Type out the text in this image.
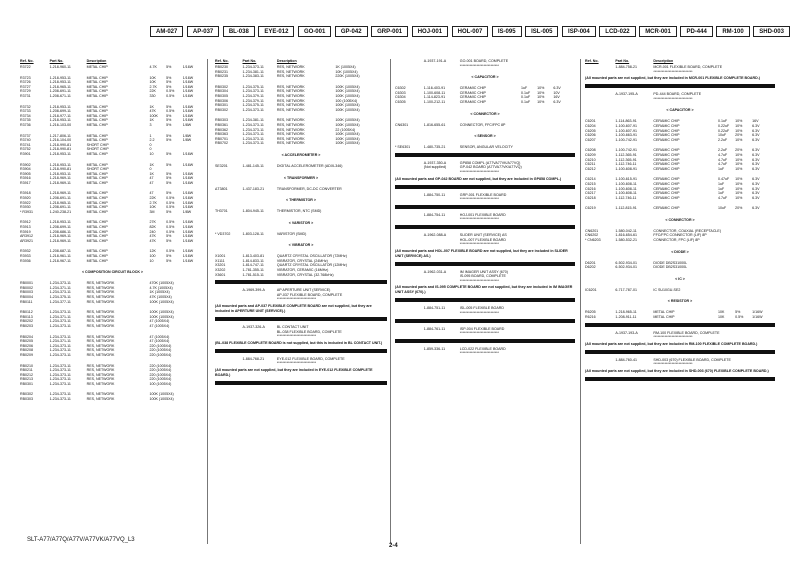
AM-027	AP-037	BL-038	EYE-012	GO-001	GP-042	GRP-001	HOJ-001	HOL-007	IS-095	ISL-005	ISP-004	LCD-022	MCR-001	PD-444	RM-100	SHD-003
Ref. No.	Part No.	Description
R3722	1-218-960-11	METAL CHIP	4.7K	5%	1/16W
R3723	1-218-953-11	METAL CHIP	10K	5%	1/16W
R3726	1-218-953-11	METAL CHIP	10K	5%	1/16W
R3727	1-218-965-11	METAL CHIP	2.7K	5%	1/16W
R3729	1-208-691-11	METAL CHIP	22K	0.5%	1/16W
R3731	1-208-671-11	METAL CHIP	330	0.5%	1/16W
R3732	1-218-953-11	METAL CHIP	1K	5%	1/16W
R3733	1-208-699-11	METAL CHIP	47K	0.5%	1/16W
R3734	1-218-977-11	METAL CHIP	100K	5%	1/16W
R3735	1-218-953-11	METAL CHIP	1K	5%	1/16W
R3736	1-216-103-00	METAL CHIP	3	5%	1/8W
R3737	1-217-806-11	METAL CHIP	1	5%	1/8W
R3740	1-216-104-00	METAL CHIP	2.2	5%	1/8W
R3741	1-218-990-81	SHORT CHIP	0
R3752	1-218-990-81	SHORT CHIP	0
R3901	1-218-953-11	METAL CHIP	10	5%	1/16W
R3902	1-218-953-11	METAL CHIP	1K	5%	1/16W
R3904	1-218-990-81	SHORT CHIP	0
R3905	1-218-953-11	METAL CHIP	1K	5%	1/16W
R3916	1-218-969-11	METAL CHIP	47	5%	1/16W
R3917	1-218-969-11	METAL CHIP	47	5%	1/16W
R3918	1-218-969-11	METAL CHIP	47	5%	1/16W
R3920	1-208-691-11	METAL CHIP	22K	0.5%	1/16W
R3922	1-218-965-11	METAL CHIP	2.7K	0.5%	1/16W
R3930	1-208-691-11	METAL CHIP	10K	0.5%	1/16W
* R3931	1-240-238-21	METAL CHIP	3M	5%	1/8W
R3912	1-218-953-11	METAL CHIP	27K	0.5%	1/16W
R3913	1-208-699-11	METAL CHIP	82K	0.5%	1/16W
R3919	1-208-686-11	METAL CHIP	240	0.5%	1/16W
AR3912	1-218-969-11	METAL CHIP	47K	5%	1/16W
AR3921	1-218-969-11	METAL CHIP	47K	5%	1/16W
R3932	1-208-687-11	METAL CHIP	12K	0.5%	1/16W
R3933	1-218-961-11	METAL CHIP	100	5%	1/16W
R3936	1-218-967-11	METAL CHIP	10	5%	1/16W
< COMPOSITION CIRCUIT BLOCK >
RB0001	1-234-373-11	RES, NETWORK	470K (1005X4)
RB0002	1-234-371-11	RES, NETWORK	4.7K (1005X4)
RB0003	1-234-373-11	RES, NETWORK	1K (1005X4)
RB0004	1-234-375-11	RES, NETWORK	47K (1005X4)
RB0111	1-234-377-11	RES, NETWORK	100K (1005X4)
RB0112	1-234-373-11	RES, NETWORK	100K (1005X4)
RB0113	1-234-371-11	RES, NETWORK	100K (1005X4)
RB0202	1-234-373-11	RES, NETWORK	47 (1005X4)
RB0203	1-234-373-11	RES, NETWORK	47 (1005X4)
RB0204	1-234-373-11	RES, NETWORK	47 (1005X4)
RB0205	1-234-371-11	RES, NETWORK	47 (1005X4)
RB0206	1-234-373-11	RES, NETWORK	220 (1005X4)
RB0208	1-234-373-11	RES, NETWORK	220 (1005X4)
RB0209	1-234-373-11	RES, NETWORK	220 (1005X4)
RB0210	1-234-373-11	RES, NETWORK	220 (1005X4)
RB0211	1-234-373-11	RES, NETWORK	220 (1005X4)
RB0212	1-234-373-11	RES, NETWORK	220 (1005X4)
RB0213	1-234-373-11	RES, NETWORK	220 (1005X4)
RB0301	1-234-373-11	RES, NETWORK	100 (1005X4)
RB0302	1-234-373-11	RES, NETWORK	100K (1005X4)
RB0303	1-234-373-11	RES, NETWORK	100K (1005X4)
Ref. No.	Part No.	Description
RB0230	1-234-373-11	RES, NETWORK	1K (1005X4)
RB0231	1-234-381-11	RES, NETWORK	10K (1005X4)
RB0235	1-234-383-11	RES, NETWORK	220K (1005X4)
RB0302	1-234-375-11	RES, NETWORK	100K (1005X4)
RB0304	1-234-373-11	RES, NETWORK	100K (1005X4)
RB0305	1-234-379-11	RES, NETWORK	100K (1005X4)
RB0306	1-234-379-11	RES, NETWORK	100 (1005X4)
RB0301	1-234-375-11	RES, NETWORK	100K (1005X4)
RB0302	1-234-373-11	RES, NETWORK	100K (1005X4)
RB0303	1-234-381-11	RES, NETWORK	100K (1005X4)
RB0361	1-234-373-11	RES, NETWORK	100K (1005X4)
RB0362	1-234-373-11	RES, NETWORK	22 (1005X4)
RB0363	1-234-373-11	RES, NETWORK	100K (1005X4)
RB0701	1-234-373-11	RES, NETWORK	100K (1005X4)
RB0702	1-234-373-11	RES, NETWORK	100K (1005X4)
< ACCELEROMETER >
SE3201	1-481-145-11	DIGITAL ACCELEROMETER (ADXL346)
< TRANSFORMER >
ΔT3801	1-437-183-21	TRANSFORMER, DC-DC CONVERTER
< THERMISTOR >
TH3701	1-804-945-11	THERMISTOR, NTC (SMD)
< VARISTOR >
* VD3702	1-803-128-11	VARISTOR (SMD)
< VIBRATOR >
X1001	1-813-403-81	QUARTZ CRYSTAL OSCILLATOR (72MHz)
X1111	1-814-833-11	VIBRATOR, CRYSTAL (24MHz)
X3201	1-814-747-11	QUARTZ CRYSTAL OSCILLATOR (12MHz)
X3202	1-781-355-11	VIBRATOR, CERAMIC (16MHz)
X3601	1-781-515-11	VIBRATOR, CRYSTAL (32.768kHz)
A-1969-399-A	AP APERTURE UNIT (SERVICE)
AP-037 FLEXIBLE BOARD, COMPLETE
****************************
(All mounted parts and AP-037 FLEXIBLE COMPLETE BOARD are not supplied, but they are included in APERTURE UNIT (SERVICE).)
A-1937-326-A	BL CONTACT UNIT
BL-038 FLEXIBLE BOARD, COMPLETE
****************************
(BL-038 FLEXIBLE COMPLETE BOARD is not supplied, but this is included in BL CONTACT UNIT.)
1-884-768-21	EYE-012 FLEXIBLE BOARD, COMPLETE
****************************
(All mounted parts are not supplied, but they are included in EYE-012 FLEXIBLE COMPLETE BOARD.)
A-1937-191-A	GO-001 BOARD, COMPLETE
****************************
< CAPACITOR >
C6302	1-116-403-91	CERAMIC CHIP	1uF	10%	6.3V
C6303	1-100-608-11	CERAMIC CHIP	0.1uF	10%	10V
C6304	1-114-823-91	CERAMIC CHIP	0.1uF	10%	16V
C6305	1-100-212-11	CERAMIC CHIP	0.1uF	10%	6.3V
< CONNECTOR >
CN6301	1-816-655-61	CONNECTOR, FFC/FPC 8P
< SENSOR >
* SE6301	1-480-735-21	SENSOR, ANGULAR VELOCITY
A-1937-350-A	GP858 COMPL (A77VA77VK/A77VQ)
(Not supplied)	GP-042 BOARD (A77VA77VK/A77VQ)
****************************
(All mounted parts and GP-042 BOARD are not supplied, but they are included in GP858 COMPL.)
1-884-750-11	GRP-001 FLEXIBLE BOARD
****************************
1-884-754-11	HOJ-001 FLEXIBLE BOARD
****************************
A-1962-088-A	SLIDER UNIT (SERVICE) AS
HOL-007 FLEXIBLE BOARD
****************************
(All mounted parts and HOL-007 FLEXIBLE BOARD are not supplied, but they are included in SLIDER UNIT (SERVICE) AS.)
A-1962-031-A	IM IMAGER UNIT ASSY (670)
IS-095 BOARD, COMPLETE
****************************
(All mounted parts and IS-095 COMPLETE BOARD are not supplied, but they are included in IM IMAGER UNIT ASSY (670).)
1-884-751-11	ISL-005 FLEXIBLE BOARD
****************************
1-884-761-11	ISP-004 FLEXIBLE BOARD
****************************
1-859-336-11	LCD-022 FLEXIBLE BOARD
****************************
Ref. No.	Part No.	Description
1-884-758-21	MCR-001 FLEXIBLE BOARD, COMPLETE
****************************
(All mounted parts are not supplied, but they are included in MCR-001 FLEXIBLE COMPLETE BOARD.)
A-1937-195-A	PD-444 BOARD, COMPLETE
****************************
< CAPACITOR >
C6201	1-114-863-91	CERAMIC CHIP	0.1uF	10%	16V
C6204	1-100-607-91	CERAMIC CHIP	0.22uF	10%	6.3V
C6205	1-100-607-91	CERAMIC CHIP	0.22uF	10%	6.3V
C6206	1-100-663-91	CERAMIC CHIP	10uF	20%	6.3V
C6207	1-100-742-91	CERAMIC CHIP	2.2uF	10%	6.3V
C6208	1-100-742-91	CERAMIC CHIP	2.2uF	20%	6.3V
C6209	1-112-365-91	CERAMIC CHIP	4.7uF	10%	6.3V
C6210	1-112-365-91	CERAMIC CHIP	4.7uF	10%	6.3V
C6211	1-112-746-11	CERAMIC CHIP	4.7uF	10%	6.3V
C6212	1-100-608-91	CERAMIC CHIP	1uF	10%	6.3V
C6214	1-100-615-91	CERAMIC CHIP	0.47uF	10%	6.3V
C6215	1-100-608-11	CERAMIC CHIP	1uF	10%	6.3V
C6216	1-100-608-11	CERAMIC CHIP	1uF	10%	6.3V
C6217	1-100-608-11	CERAMIC CHIP	1uF	10%	6.3V
C6218	1-112-746-11	CERAMIC CHIP	4.7uF	10%	6.3V
C6219	1-112-815-91	CERAMIC CHIP	10uF	20%	6.3V
< CONNECTOR >
CN6201	1-580-042-11	CONNECTOR, COAXIAL (RECEPTACLE)
CN6202	1-816-654-61	FFC/FPC CONNECTOR (LIF) 8P
* CN6203	1-580-532-21	CONNECTOR, FPC (LIF) 8P
< DIODE >
D6201	6-502-934-01	DIODE DB2S31000L
D6202	6-502-934-01	DIODE DB2S31000L
< IC >
IC6201	6-717-787-01	IC SU10GU-SE2
< RESISTOR >
R6205	1-218-965-11	METAL CHIP	10K	5%	1/16W
R6216	1-208-911-11	METAL CHIP	10K	0.5%	1/16W
A-1937-193-A	RM-100 FLEXIBLE BOARD, COMPLETE
****************************
(All mounted parts are not supplied, but they are included in RM-100 FLEXIBLE COMPLETE BOARD.)
1-884-760-41	SHD-003 (670) FLEXIBLE BOARD, COMPLETE
****************************
(All mounted parts are not supplied, but they are included in SHD-003 (670) FLEXIBLE COMPLETE BOARD.)
SLT-A77/A77Q/A77V/A77VK/A77VQ_L3
2-4
